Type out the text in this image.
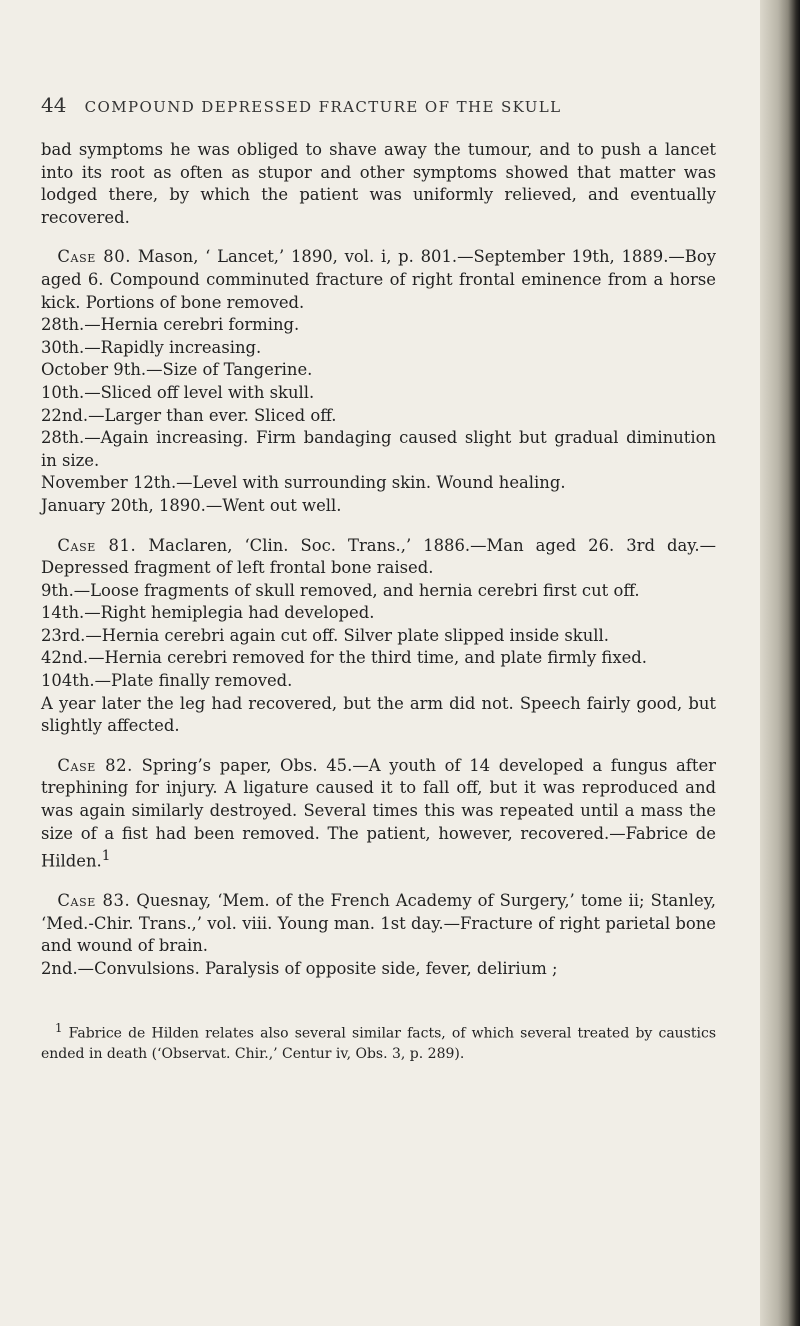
44 COMPOUND DEPRESSED FRACTURE OF THE SKULL

bad symptoms he was obliged to shave away the tumour, and to push a lancet into its root as often as stupor and other symptoms showed that matter was lodged there, by which the patient was uniformly relieved, and eventually recovered.

 Case 80. Mason, ‘ Lancet,’ 1890, vol. i, p. 801.—September 19th, 1889.—Boy aged 6. Compound comminuted fracture of right frontal eminence from a horse kick. Portions of bone removed.

28th.—Hernia cerebri forming.

30th.—Rapidly increasing.

October 9th.—Size of Tangerine.

10th.—Sliced off level with skull.

22nd.—Larger than ever. Sliced off.

28th.—Again increasing. Firm bandaging caused slight but gradual diminution in size.

November 12th.—Level with surrounding skin. Wound healing.

January 20th, 1890.—Went out well.

 Case 81. Maclaren, ‘Clin. Soc. Trans.,’ 1886.—Man aged 26. 3rd day.—Depressed fragment of left frontal bone raised.

9th.—Loose fragments of skull removed, and hernia cerebri first cut off.

14th.—Right hemiplegia had developed.

23rd.—Hernia cerebri again cut off. Silver plate slipped inside skull.

42nd.—Hernia cerebri removed for the third time, and plate firmly fixed.

104th.—Plate finally removed.

A year later the leg had recovered, but the arm did not. Speech fairly good, but slightly affected.

 Case 82. Spring’s paper, Obs. 45.—A youth of 14 developed a fungus after trephining for injury. A ligature caused it to fall off, but it was reproduced and was again similarly destroyed. Several times this was repeated until a mass the size of a fist had been removed. The patient, however, recovered.—Fabrice de Hilden.$^1$

 Case 83. Quesnay, ‘Mem. of the French Academy of Surgery,’ tome ii; Stanley, ‘Med.-Chir. Trans.,’ vol. viii. Young man. 1st day.—Fracture of right parietal bone and wound of brain.

2nd.—Convulsions. Paralysis of opposite side, fever, delirium ;

 $^1$ Fabrice de Hilden relates also several similar facts, of which several treated by caustics ended in death (‘Observat. Chir.,’ Centur iv, Obs. 3, p. 289).
